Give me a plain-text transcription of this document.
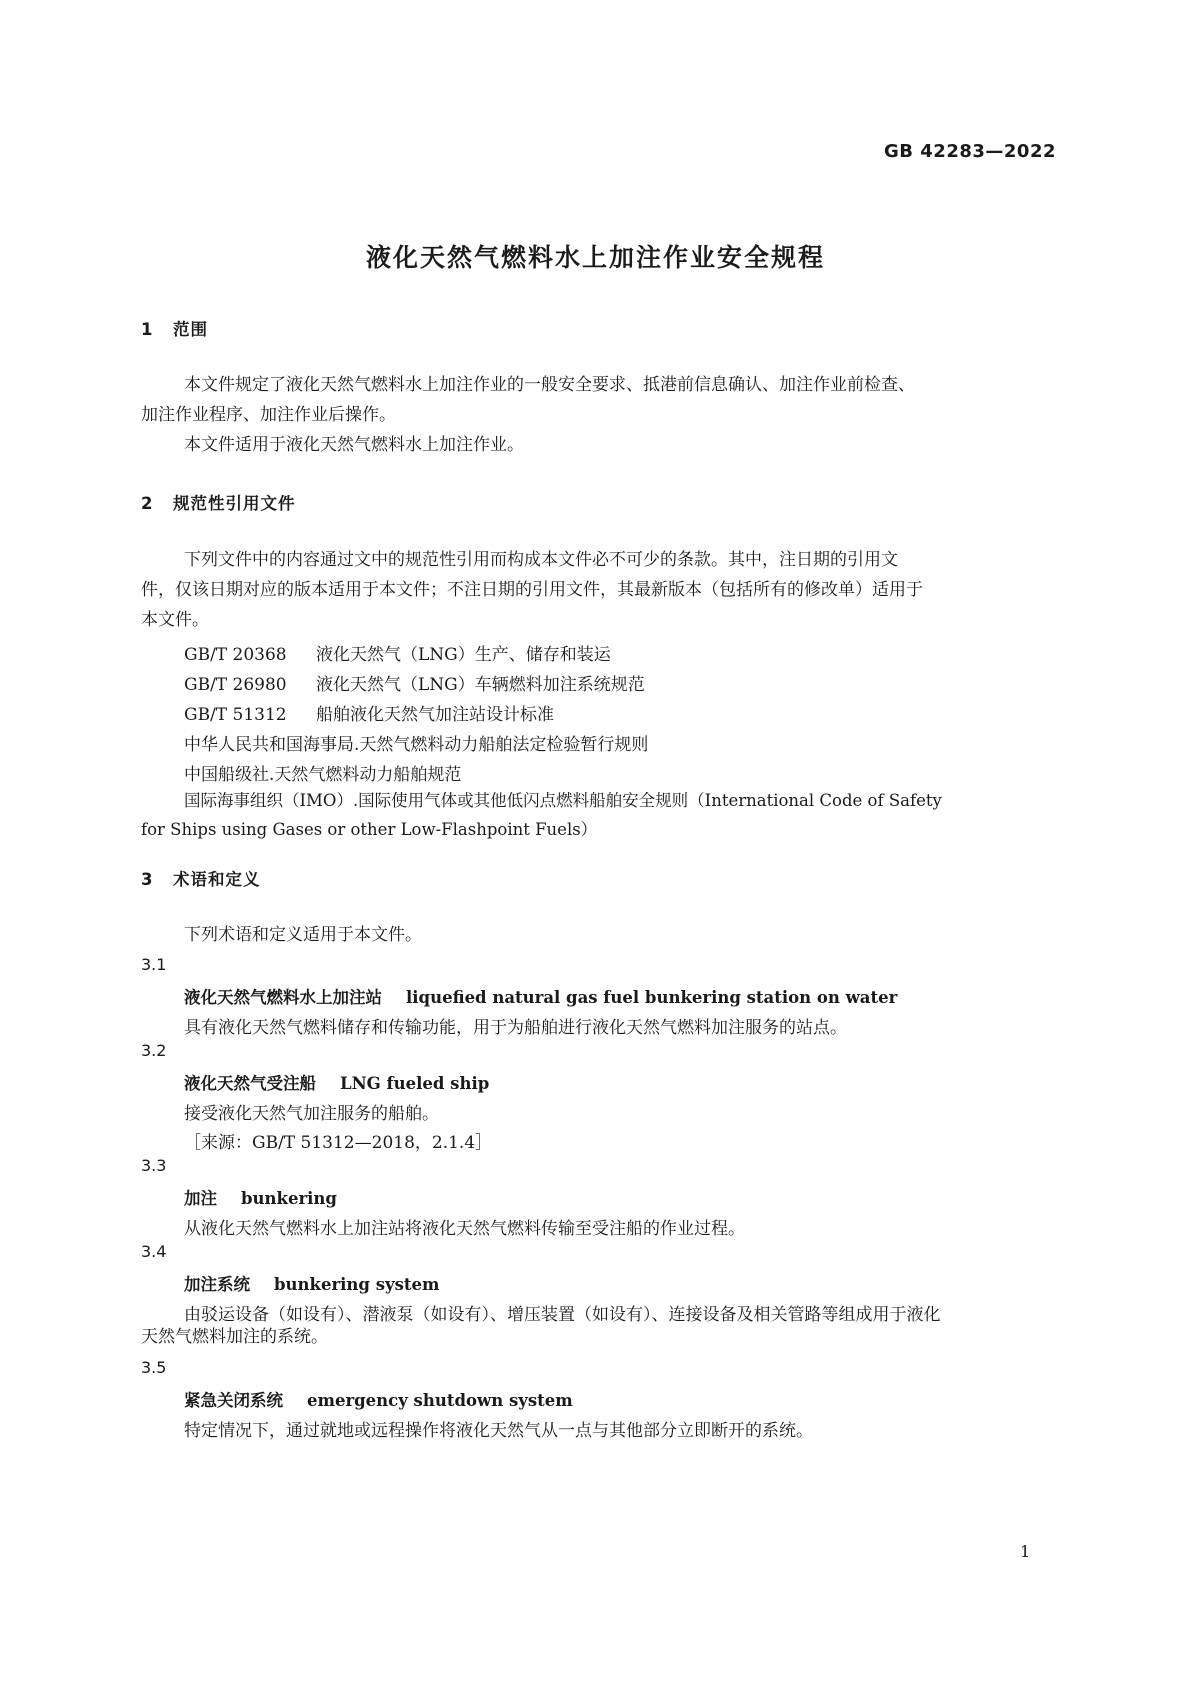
GB 42283—2022
液化天然气燃料水上加注作业安全规程
1 范围
本文件规定了液化天然气燃料水上加注作业的一般安全要求、抵港前信息确认、加注作业前检查、
加注作业程序、加注作业后操作。
本文件适用于液化天然气燃料水上加注作业。
2 规范性引用文件
下列文件中的内容通过文中的规范性引用而构成本文件必不可少的条款。其中，注日期的引用文
件，仅该日期对应的版本适用于本文件；不注日期的引用文件，其最新版本（包括所有的修改单）适用于
本文件。
GB/T 20368 液化天然气（LNG）生产、储存和装运
GB/T 26980 液化天然气（LNG）车辆燃料加注系统规范
GB/T 51312 船舶液化天然气加注站设计标准
中华人民共和国海事局.天然气燃料动力船舶法定检验暂行规则
中国船级社.天然气燃料动力船舶规范
国际海事组织（IMO）.国际使用气体或其他低闪点燃料船舶安全规则（International Code of Safety
for Ships using Gases or other Low-Flashpoint Fuels）
3 术语和定义
下列术语和定义适用于本文件。
3.1
液化天然气燃料水上加注站 liquefied natural gas fuel bunkering station on water
具有液化天然气燃料储存和传输功能，用于为船舶进行液化天然气燃料加注服务的站点。
3.2
液化天然气受注船 LNG fueled ship
接受液化天然气加注服务的船舶。
［来源：GB/T 51312—2018，2.1.4］
3.3
加注 bunkering
从液化天然气燃料水上加注站将液化天然气燃料传输至受注船的作业过程。
3.4
加注系统 bunkering system
由驳运设备（如设有）、潜液泵（如设有）、增压装置（如设有）、连接设备及相关管路等组成用于液化
天然气燃料加注的系统。
3.5
紧急关闭系统 emergency shutdown system
特定情况下，通过就地或远程操作将液化天然气从一点与其他部分立即断开的系统。
1
